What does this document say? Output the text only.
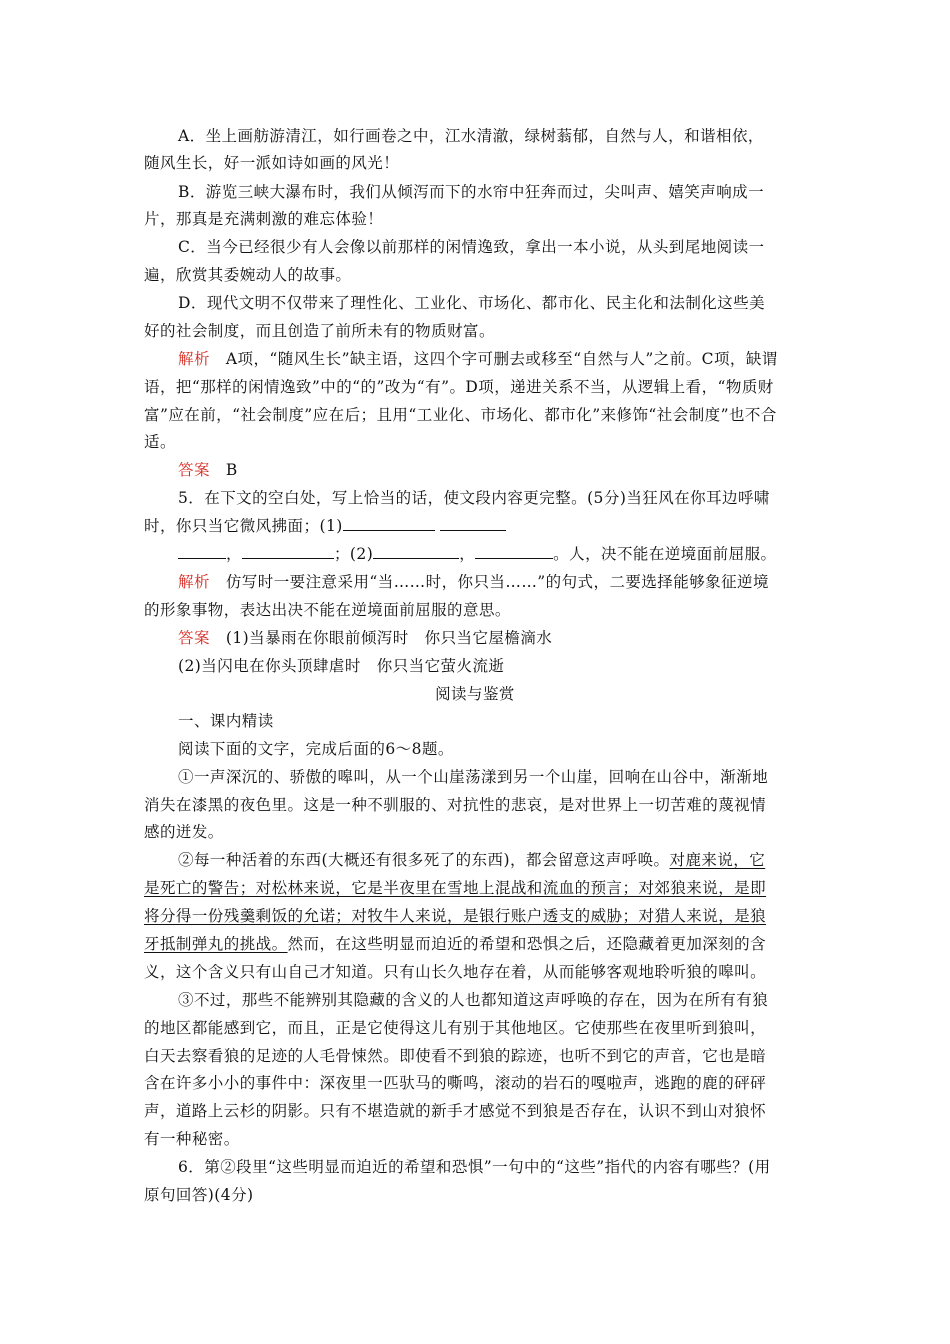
A．坐上画舫游清江，如行画卷之中，江水清澈，绿树蓊郁，自然与人，和谐相依，
随风生长，好一派如诗如画的风光！
B．游览三峡大瀑布时，我们从倾泻而下的水帘中狂奔而过，尖叫声、嬉笑声响成一
片，那真是充满刺激的难忘体验！
C．当今已经很少有人会像以前那样的闲情逸致，拿出一本小说，从头到尾地阅读一
遍，欣赏其委婉动人的故事。
D．现代文明不仅带来了理性化、工业化、市场化、都市化、民主化和法制化这些美
好的社会制度，而且创造了前所未有的物质财富。
解析　 A项，“随风生长”缺主语，这四个字可删去或移至“自然与人”之前。C项，缺谓
语，把“那样的闲情逸致”中的“的”改为“有”。D项，递进关系不当，从逻辑上看，“物质财
富”应在前，“社会制度”应在后；且用“工业化、市场化、都市化”来修饰“社会制度”也不合
适。
答案　 B
5．在下文的空白处，写上恰当的话，使文段内容更完整。(5分)当狂风在你耳边呼啸
时，你只当它微风拂面；(1)
，	；(2)	，	。人，决不能在逆境面前屈服。
解析　 仿写时一要注意采用“当……时，你只当……”的句式，二要选择能够象征逆境
的形象事物，表达出决不能在逆境面前屈服的意思。
答案　 (1)当暴雨在你眼前倾泻时　你只当它屋檐滴水
(2)当闪电在你头顶肆虐时　你只当它萤火流逝
阅读与鉴赏
一、课内精读
阅读下面的文字，完成后面的6～8题。
①一声深沉的、骄傲的嗥叫，从一个山崖荡漾到另一个山崖，回响在山谷中，渐渐地
消失在漆黑的夜色里。这是一种不驯服的、对抗性的悲哀，是对世界上一切苦难的蔑视情
感的迸发。
②每一种活着的东西(大概还有很多死了的东西)，都会留意这声呼唤。对鹿来说，它
是死亡的警告；对松林来说，它是半夜里在雪地上混战和流血的预言；对郊狼来说，是即
将分得一份残羹剩饭的允诺；对牧牛人来说，是银行账户透支的威胁；对猎人来说，是狼
牙抵制弹丸的挑战。然而，在这些明显而迫近的希望和恐惧之后，还隐藏着更加深刻的含
义，这个含义只有山自己才知道。只有山长久地存在着，从而能够客观地聆听狼的嗥叫。
③不过，那些不能辨别其隐藏的含义的人也都知道这声呼唤的存在，因为在所有有狼
的地区都能感到它，而且，正是它使得这儿有别于其他地区。它使那些在夜里听到狼叫，
白天去察看狼的足迹的人毛骨悚然。即使看不到狼的踪迹，也听不到它的声音，它也是暗
含在许多小小的事件中：深夜里一匹驮马的嘶鸣，滚动的岩石的嘎啦声，逃跑的鹿的砰砰
声，道路上云杉的阴影。只有不堪造就的新手才感觉不到狼是否存在，认识不到山对狼怀
有一种秘密。
6．第②段里“这些明显而迫近的希望和恐惧”一句中的“这些”指代的内容有哪些？(用
原句回答)(4分)
